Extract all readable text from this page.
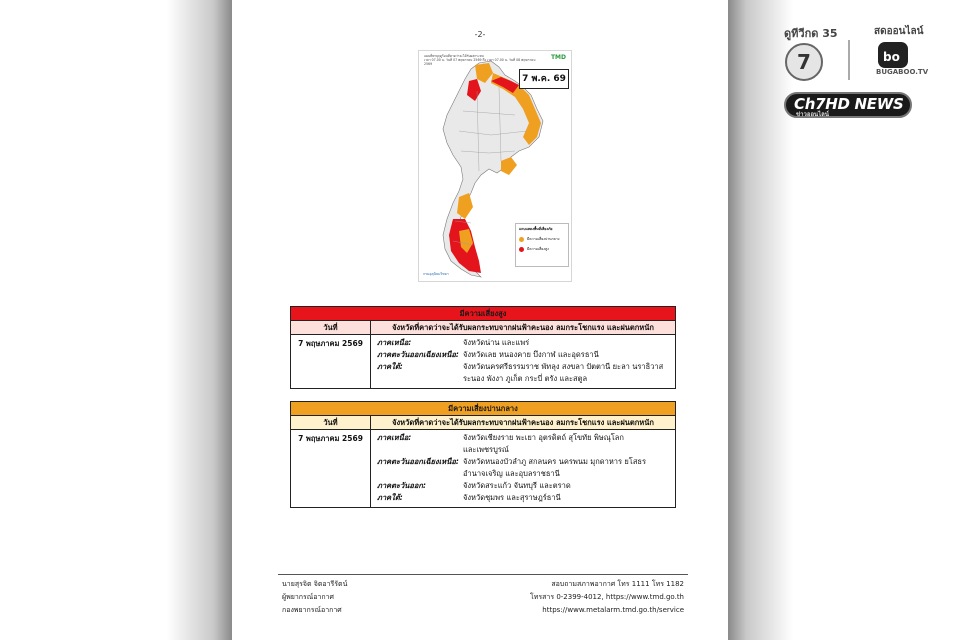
-2-
แผนที่พายุฤดูร้อนที่คาดว่าจะได้รับผลกระทบ
เวลา 07.00 น. วันที่ 07 พฤษภาคม 2569 ถึง เวลา 07.00 น. วันที่ 08 พฤษภาคม 2569
TMD
7 พ.ค. 69
แถบแสดงพื้นที่เสี่ยงภัย
มีความเสี่ยงปานกลาง
มีความเสี่ยงสูง
กรมอุตุนิยมวิทยา
มีความเสี่ยงสูง
วันที่	จังหวัดที่คาดว่าจะได้รับผลกระทบจากฝนฟ้าคะนอง ลมกระโชกแรง และฝนตกหนัก
7 พฤษภาคม 2569	ภาคเหนือ:	จังหวัดน่าน และแพร่
ภาคตะวันออกเฉียงเหนือ: จังหวัดเลย หนองคาย บึงกาฬ และอุดรธานี
ภาคใต้:	จังหวัดนครศรีธรรมราช พัทลุง สงขลา ปัตตานี ยะลา นราธิวาส
ระนอง พังงา ภูเก็ต กระบี่ ตรัง และสตูล
มีความเสี่ยงปานกลาง
วันที่	จังหวัดที่คาดว่าจะได้รับผลกระทบจากฝนฟ้าคะนอง ลมกระโชกแรง และฝนตกหนัก
7 พฤษภาคม 2569	ภาคเหนือ:	จังหวัดเชียงราย พะเยา อุตรดิตถ์ สุโขทัย พิษณุโลก
และเพชรบูรณ์
ภาคตะวันออกเฉียงเหนือ: จังหวัดหนองบัวลำภู สกลนคร นครพนม มุกดาหาร ยโสธร
อำนาจเจริญ และอุบลราชธานี
ภาคตะวันออก:	จังหวัดสระแก้ว จันทบุรี และตราด
ภาคใต้:	จังหวัดชุมพร และสุราษฎร์ธานี
นายสุรจิต จิตอารีรัตน์
ผู้พยากรณ์อากาศ
กองพยากรณ์อากาศ
สอบถามสภาพอากาศ โทร 1111 โทร 1182
โทรสาร 0-2399-4012, https://www.tmd.go.th
https://www.metalarm.tmd.go.th/service
ดูทีวีกด 35	สดออนไลน์
7	bo
BUGABOO.TV
Ch7HD NEWS
ข่าวออนไลน์
